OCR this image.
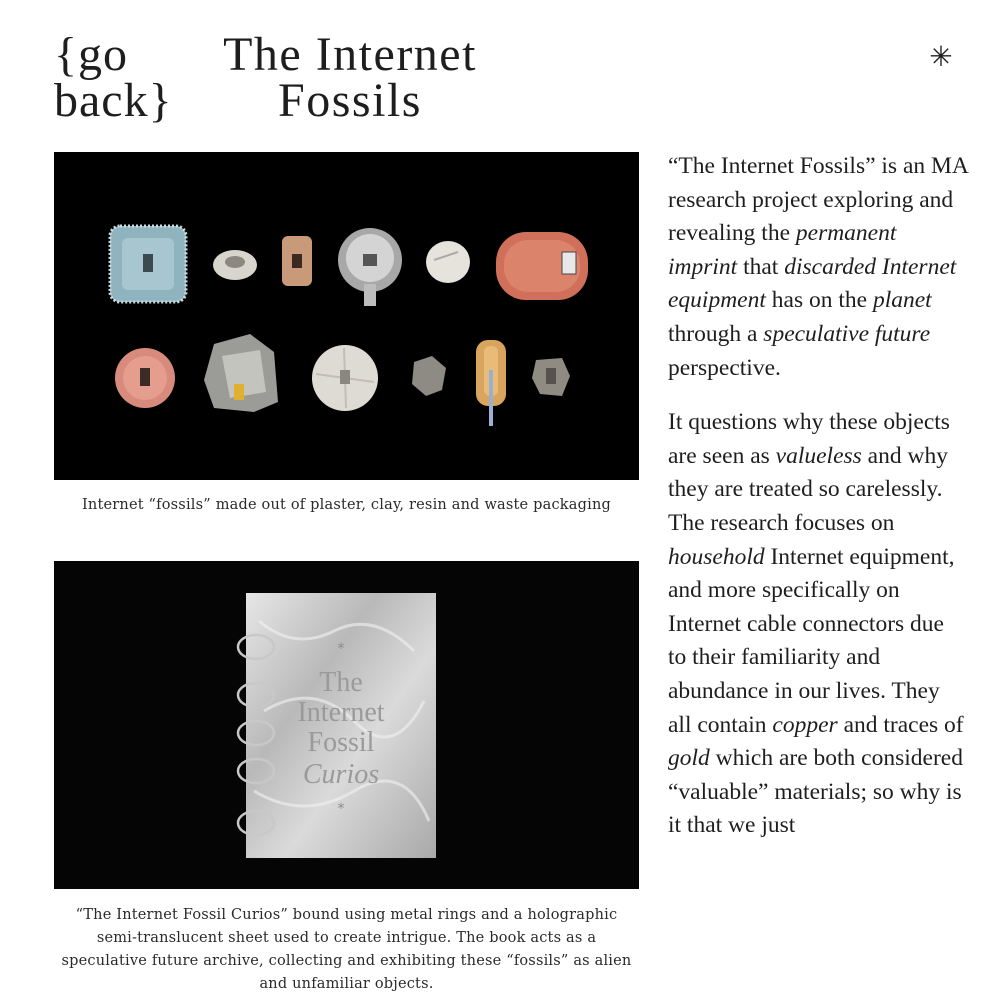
{go back}
The Internet Fossils
✳
Internet “fossils” made out of plaster, clay, resin and waste packaging
*
The
Internet
Fossil
Curios
*
“The Internet Fossil Curios” bound using metal rings and a holographic semi-translucent sheet used to create intrigue. The book acts as a speculative future archive, collecting and exhibiting these “fossils” as alien and unfamiliar objects.

“The Internet Fossils” is an MA research project exploring and revealing the permanent imprint that discarded Internet equipment has on the planet through a speculative future perspective.

It questions why these objects are seen as valueless and why they are treated so carelessly. The research focuses on household Internet equipment, and more specifically on Internet cable connectors due to their familiarity and abundance in our lives. They all contain copper and traces of gold which are both considered “valuable” materials; so why is it that we just
